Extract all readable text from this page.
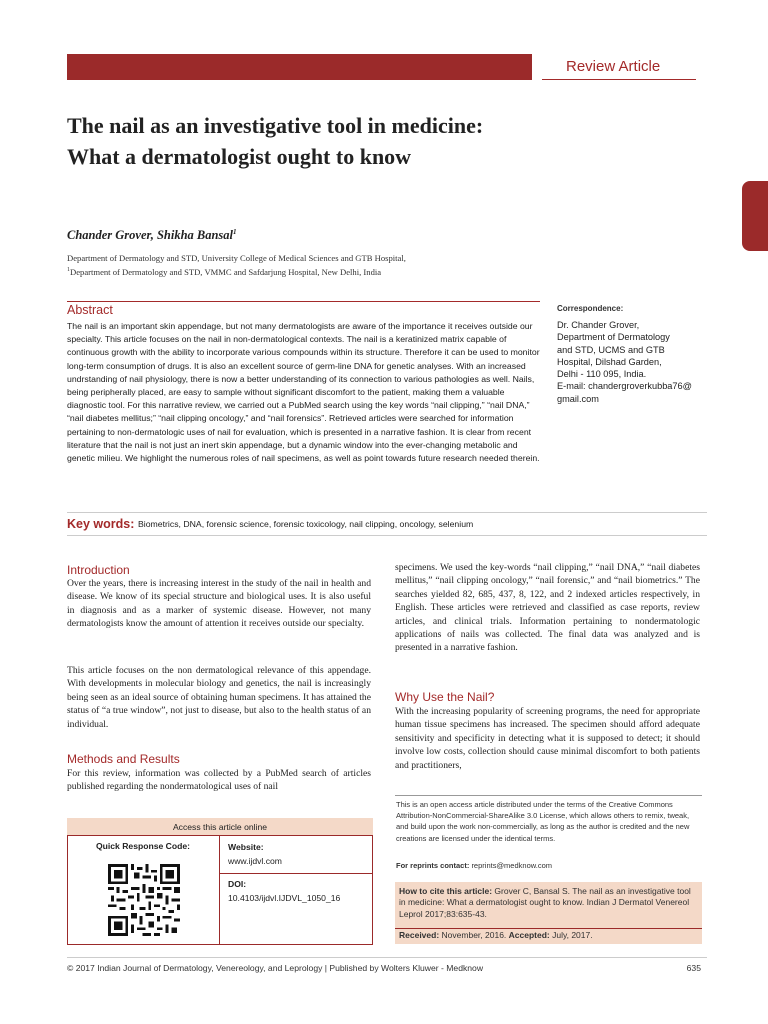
Review Article
The nail as an investigative tool in medicine: What a dermatologist ought to know
Chander Grover, Shikha Bansal$^1$
Department of Dermatology and STD, University College of Medical Sciences and GTB Hospital,
$^1$Department of Dermatology and STD, VMMC and Safdarjung Hospital, New Delhi, India
Abstract
The nail is an important skin appendage, but not many dermatologists are aware of the importance it receives outside our specialty. This article focuses on the nail in non-dermatological contexts. The nail is a keratinized matrix capable of continuous growth with the ability to incorporate various compounds within its structure. Therefore it can be used to monitor long-term consumption of drugs. It is also an excellent source of germ-line DNA for genetic analyses. With an increased undrstanding of nail physiology, there is now a better understanding of its connection to various pathologies as well. Nails, being peripherally placed, are easy to sample without significant discomfort to the patient, making them a valuable diagnostic tool. For this narrative review, we carried out a PubMed search using the key words “nail clipping,” “nail DNA,” “nail diabetes mellitus;” “nail clipping oncology,” and “nail forensics”. Retrieved articles were searched for information pertaining to non-dermatologic uses of nail for evaluation, which is presented in a narrative fashion. It is clear from recent literature that the nail is not just an inert skin appendage, but a dynamic window into the ever-changing metabolic and genetic milieu. We highlight the numerous roles of nail specimens, as well as point towards future research needed therein.
Correspondence:
Dr. Chander Grover,
Department of Dermatology
and STD, UCMS and GTB
Hospital, Dilshad Garden,
Delhi - 110 095, India.
E-mail: chandergroverkubba76@
gmail.com
Key words: Biometrics, DNA, forensic science, forensic toxicology, nail clipping, oncology, selenium
Introduction
Over the years, there is increasing interest in the study of the nail in health and disease. We know of its special structure and biological uses. It is also useful in diagnosis and as a marker of systemic disease. However, not many dermatologists know the amount of attention it receives outside our specialty.
This article focuses on the non dermatological relevance of this appendage. With developments in molecular biology and genetics, the nail is increasingly being seen as an ideal source of obtaining human specimens. It has attained the status of “a true window”, not just to disease, but also to the health status of an individual.
Methods and Results
For this review, information was collected by a PubMed search of articles published regarding the nondermatological uses of nail
specimens. We used the key-words “nail clipping,” “nail DNA,” “nail diabetes mellitus,” “nail clipping oncology,” “nail forensic,” and “nail biometrics.” The searches yielded 82, 685, 437, 8, 122, and 2 indexed articles respectively, in English. These articles were retrieved and classified as case reports, review articles, and clinical trials. Information pertaining to nondermatologic applications of nails was collected. The final data was analyzed and is presented in a narrative fashion.
Why Use the Nail?
With the increasing popularity of screening programs, the need for appropriate human tissue specimens has increased. The specimen should afford adequate sensitivity and specificity in detecting what it is supposed to detect; it should involve low costs, collection should cause minimal discomfort to both patients and practitioners,
This is an open access article distributed under the terms of the Creative Commons Attribution-NonCommercial-ShareAlike 3.0 License, which allows others to remix, tweak, and build upon the work non-commercially, as long as the author is credited and the new creations are licensed under the identical terms.
For reprints contact: reprints@medknow.com
How to cite this article: Grover C, Bansal S. The nail as an investigative tool in medicine: What a dermatologist ought to know. Indian J Dermatol Venereol Leprol 2017;83:635-43.
Received: November, 2016. Accepted: July, 2017.
Access this article online
Quick Response Code:	Website:
www.ijdvl.com
DOI:
10.4103/ijdvl.IJDVL_1050_16
© 2017 Indian Journal of Dermatology, Venereology, and Leprology | Published by Wolters Kluwer - Medknow	635
